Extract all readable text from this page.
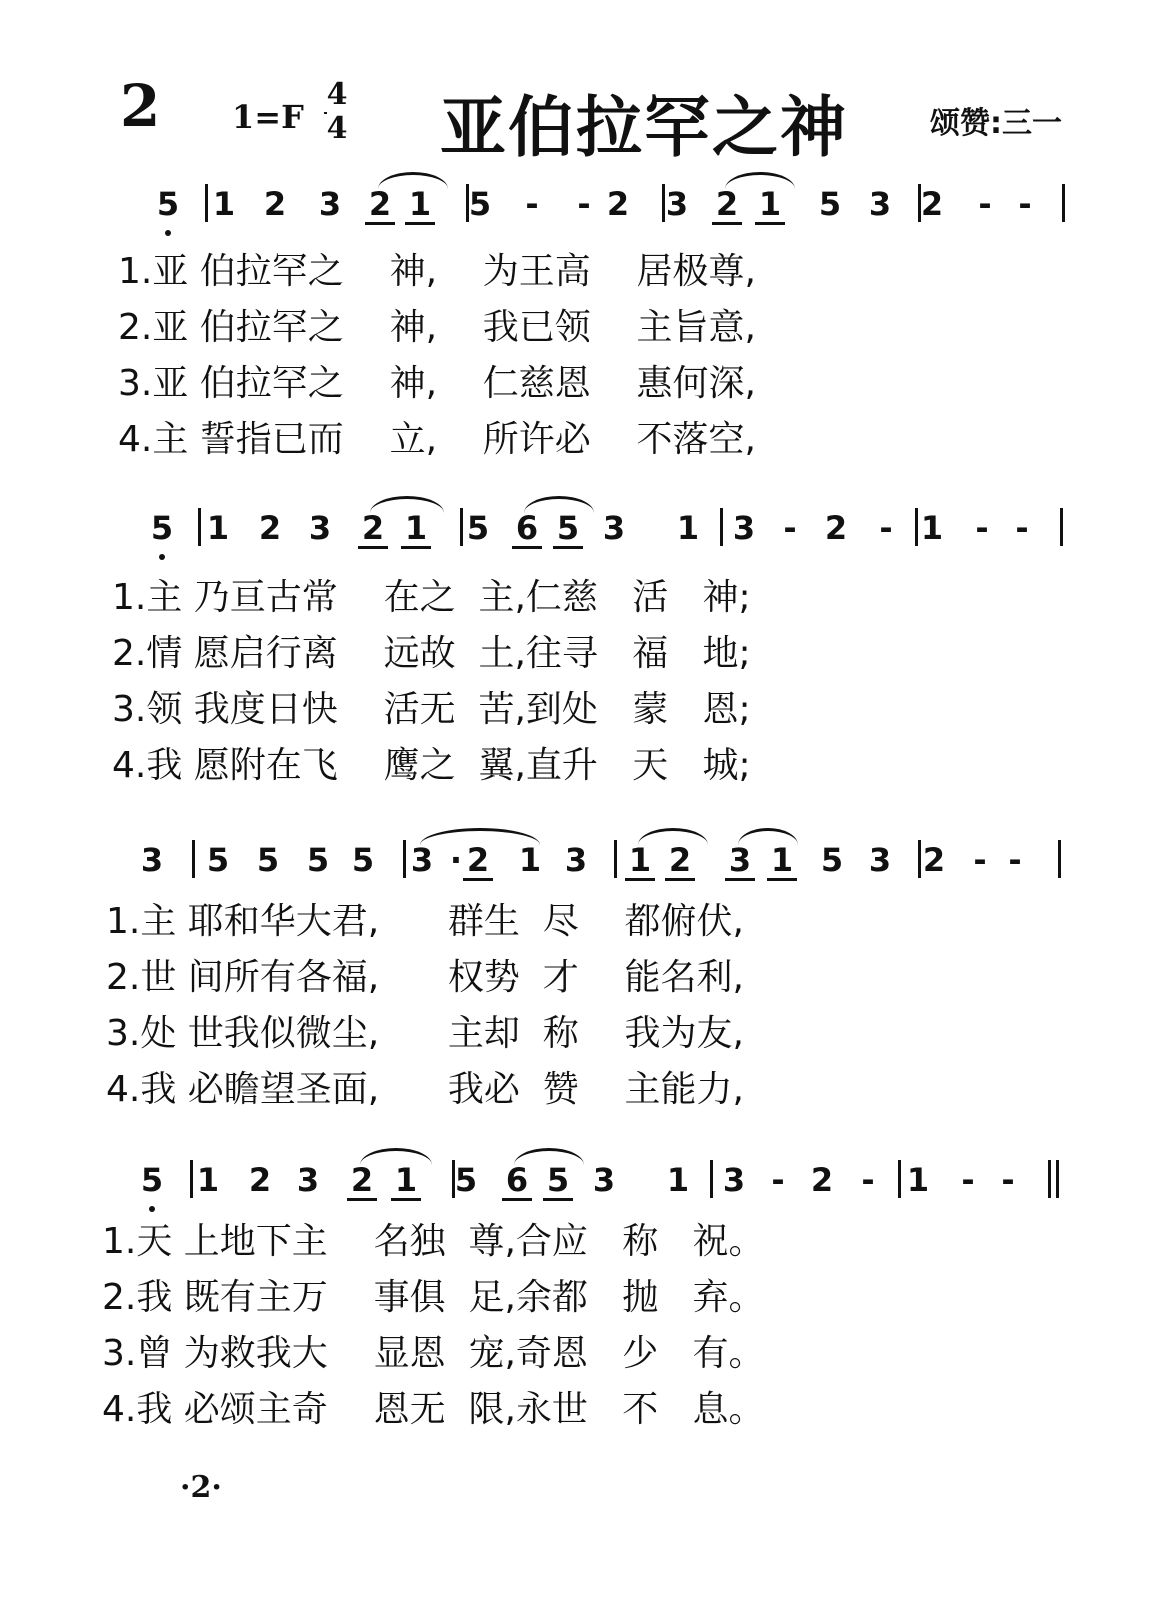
2 1=F
4
4 亚伯拉罕之神	颂赞:三一
5 1 2 3 2 1 5 - - 2 3 2 1 5 3 2 - -
5 1 2 3 2 1 5 6 5 3 1 3 - 2 - 1 - -
3 5 5 5 5 3 · 2 1 3 1 2 3 1 5 3 2 - -
5 1 2 3 2 1 5 6 5 3 1 3 - 2 - 1 - -
1.亚 伯拉罕之    神,    为王高    居极尊,
2.亚 伯拉罕之    神,    我已领    主旨意,
3.亚 伯拉罕之    神,    仁慈恩    惠何深,
4.主 誓指已而    立,    所许必    不落空,
1.主 乃亘古常    在之  主,仁慈   活   神;
2.情 愿启行离    远故  土,往寻   福   地;
3.领 我度日快    活无  苦,到处   蒙   恩;
4.我 愿附在飞    鹰之  翼,直升   天   城;
1.主 耶和华大君,      群生  尽    都俯伏,
2.世 间所有各福,      权势  才    能名利,
3.处 世我似微尘,      主却  称    我为友,
4.我 必瞻望圣面,      我必  赞    主能力,
1.天 上地下主    名独  尊,合应   称   祝。
2.我 既有主万    事俱  足,余都   抛   弃。
3.曾 为救我大    显恩  宠,奇恩   少   有。
4.我 必颂主奇    恩无  限,永世   不   息。
·2·
